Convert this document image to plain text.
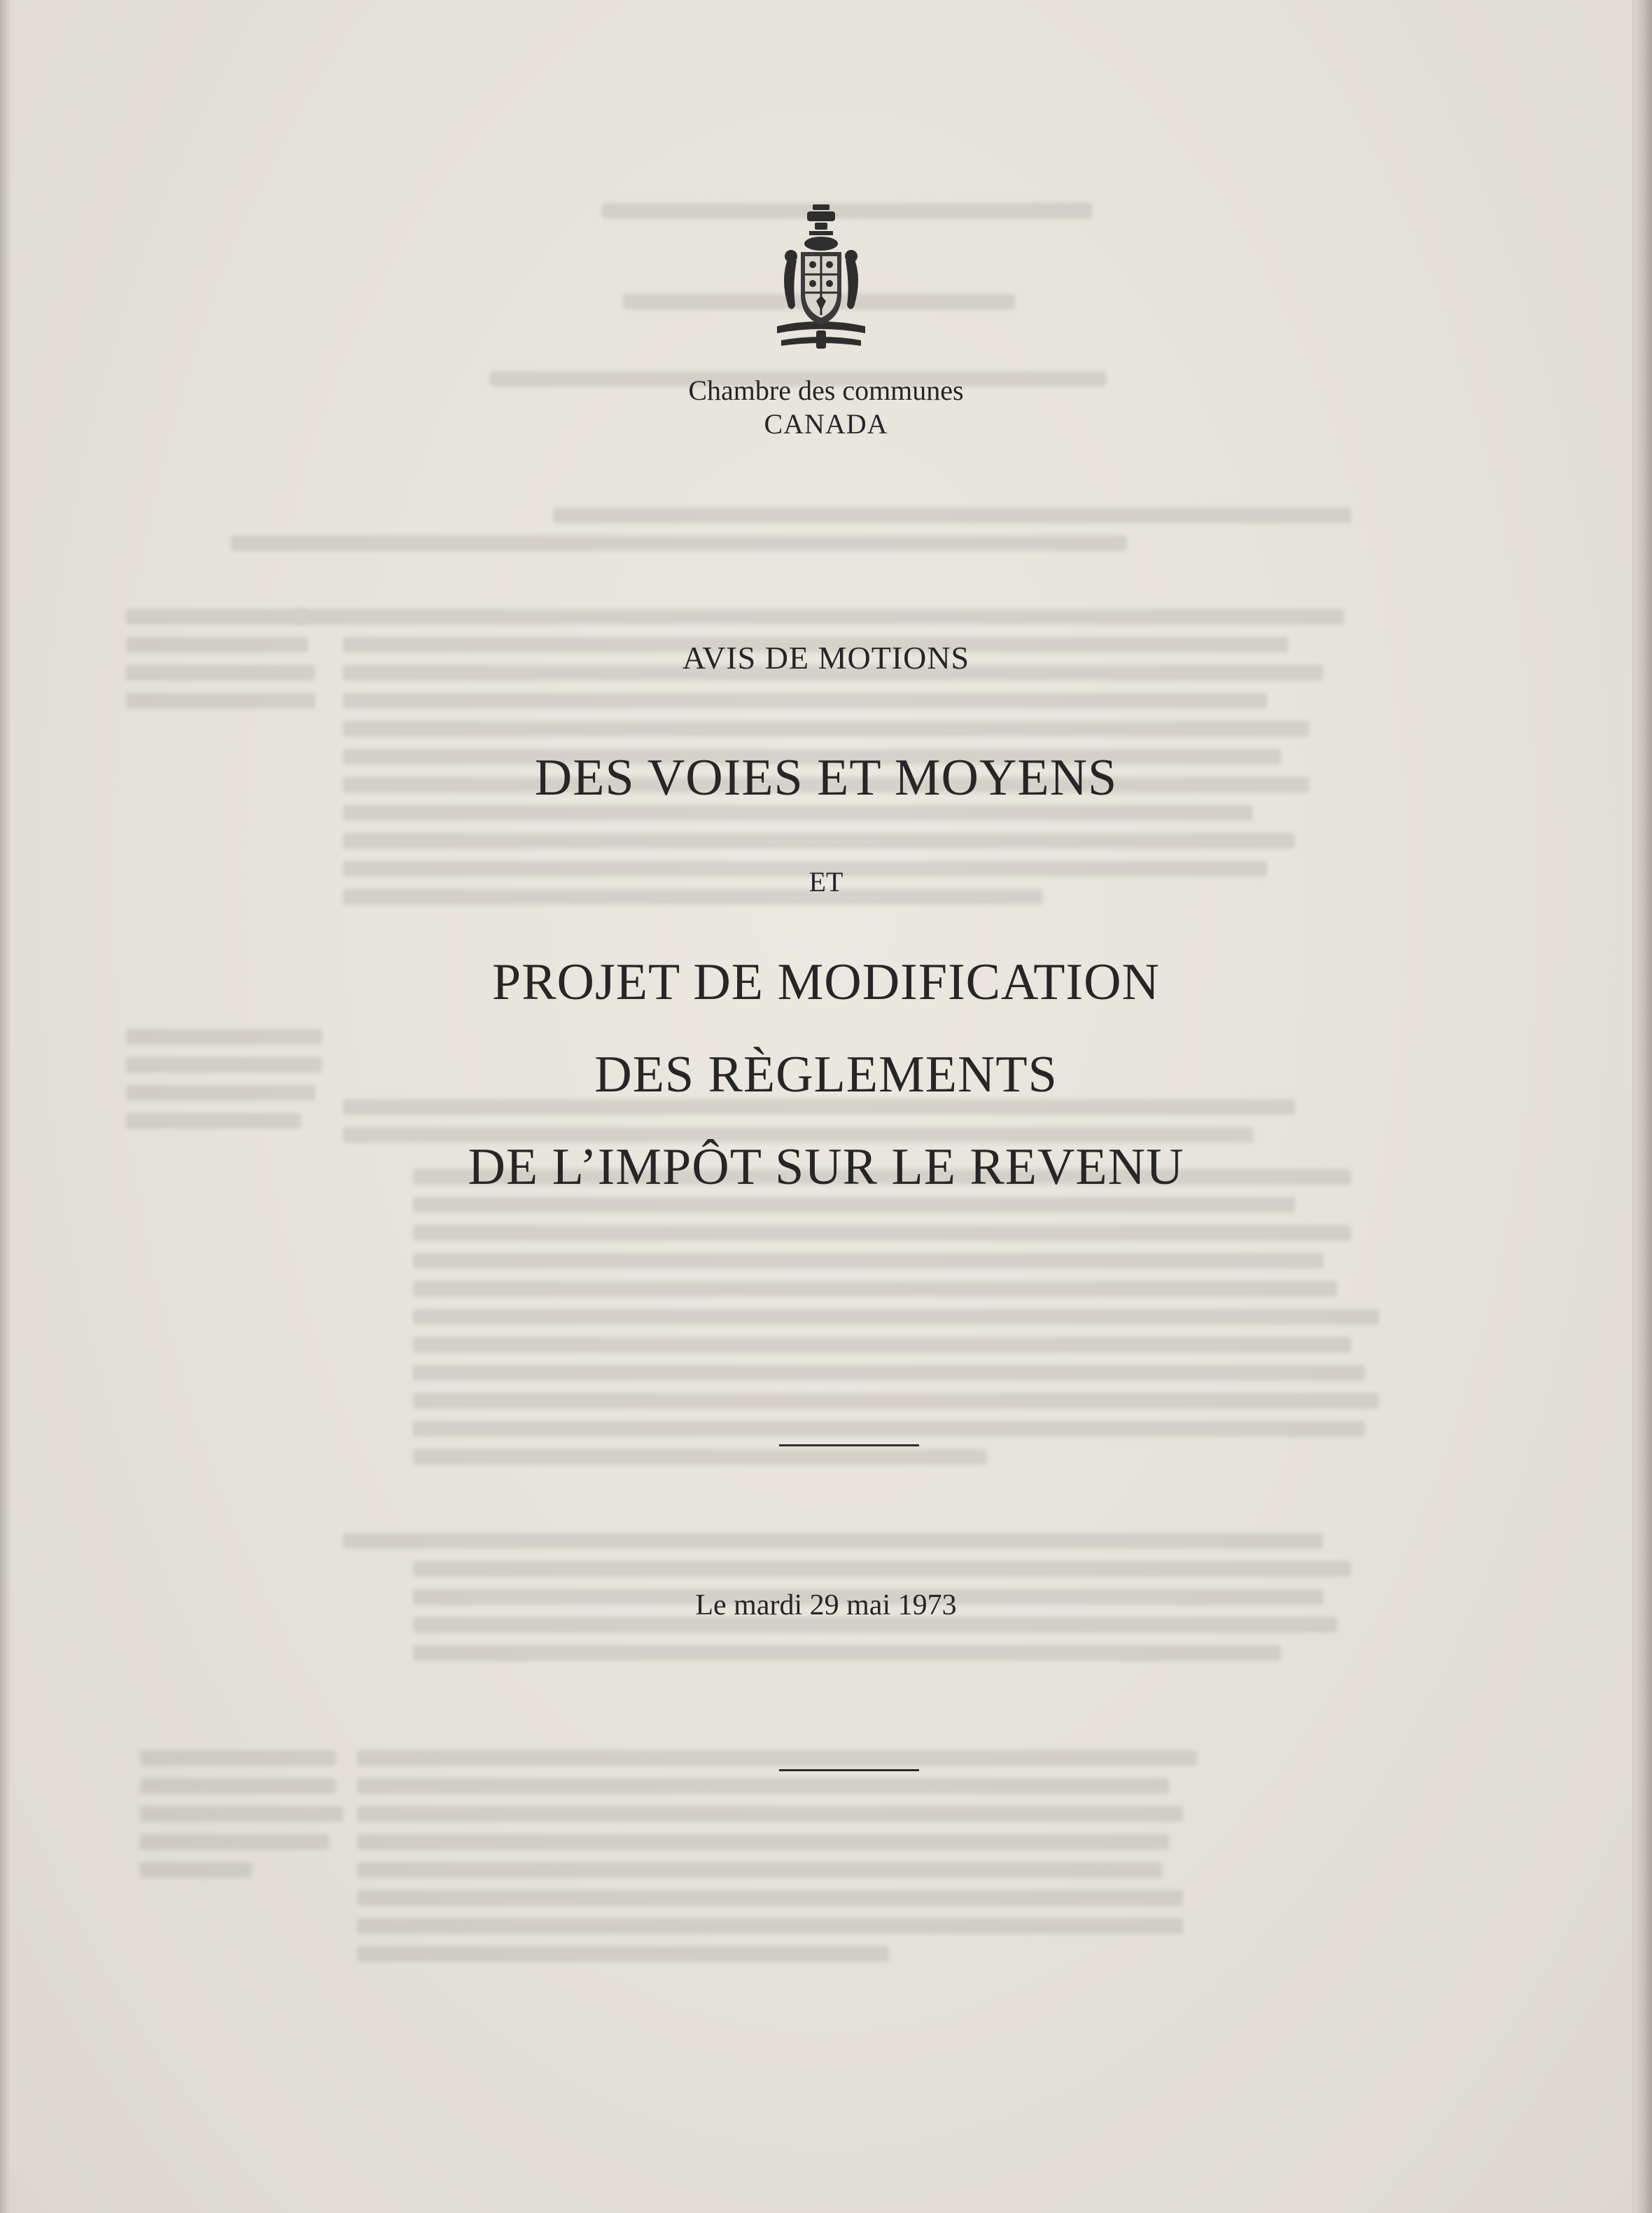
Chambre des communes
CANADA
AVIS DE MOTIONS
DES VOIES ET MOYENS
ET
PROJET DE MODIFICATION
DES RÈGLEMENTS
DE L’IMPÔT SUR LE REVENU
Le mardi 29 mai 1973
